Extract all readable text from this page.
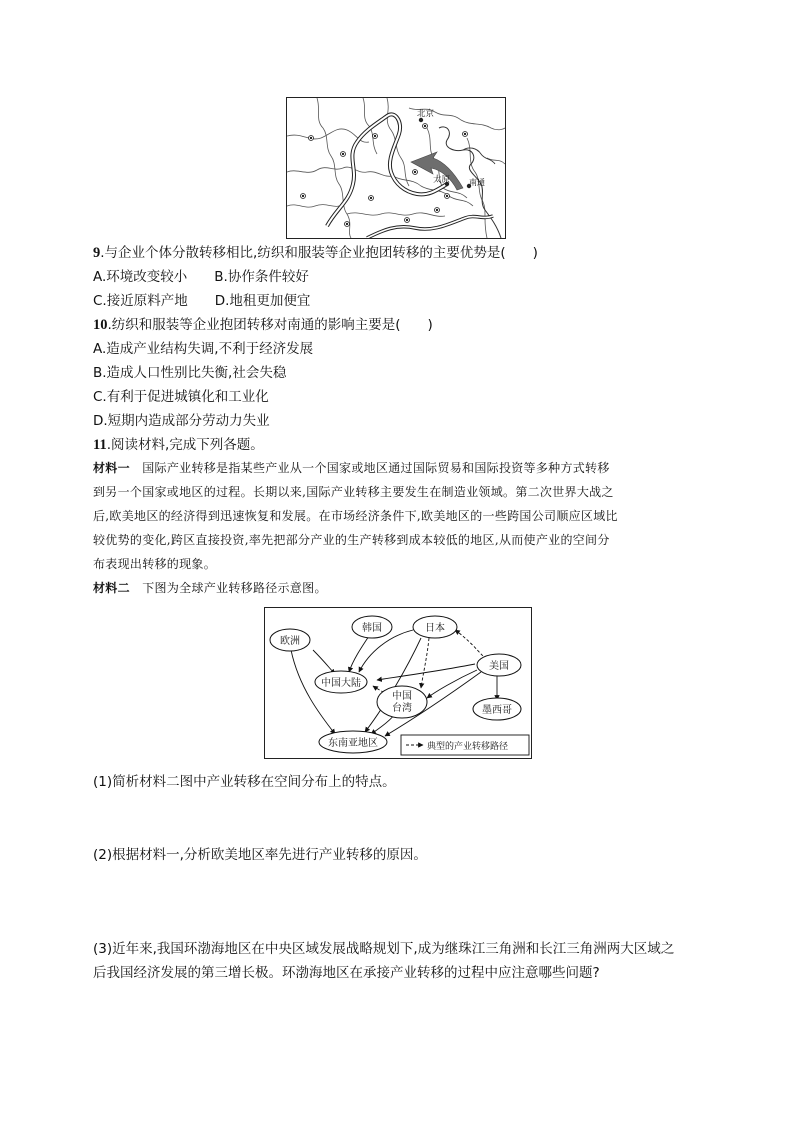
北京
太原 南通
9.与企业个体分散转移相比,纺织和服装等企业抱团转移的主要优势是(　　)
A.环境改变较小　　B.协作条件较好
C.接近原料产地　　D.地租更加便宜
10.纺织和服装等企业抱团转移对南通的影响主要是(　　)
A.造成产业结构失调,不利于经济发展
B.造成人口性别比失衡,社会失稳
C.有利于促进城镇化和工业化
D.短期内造成部分劳动力失业
11.阅读材料,完成下列各题。
材料一 国际产业转移是指某些产业从一个国家或地区通过国际贸易和国际投资等多种方式转移
到另一个国家或地区的过程。长期以来,国际产业转移主要发生在制造业领域。第二次世界大战之
后,欧美地区的经济得到迅速恢复和发展。在市场经济条件下,欧美地区的一些跨国公司顺应区域比
较优势的变化,跨区直接投资,率先把部分产业的生产转移到成本较低的地区,从而使产业的空间分
布表现出转移的现象。
材料二 下图为全球产业转移路径示意图。
欧洲
韩国	日本
美国
中国大陆
中国
台湾	墨西哥
东南亚地区	典型的产业转移路径
(1)简析材料二图中产业转移在空间分布上的特点。
(2)根据材料一,分析欧美地区率先进行产业转移的原因。
(3)近年来,我国环渤海地区在中央区域发展战略规划下,成为继珠江三角洲和长江三角洲两大区域之
后我国经济发展的第三增长极。环渤海地区在承接产业转移的过程中应注意哪些问题?
